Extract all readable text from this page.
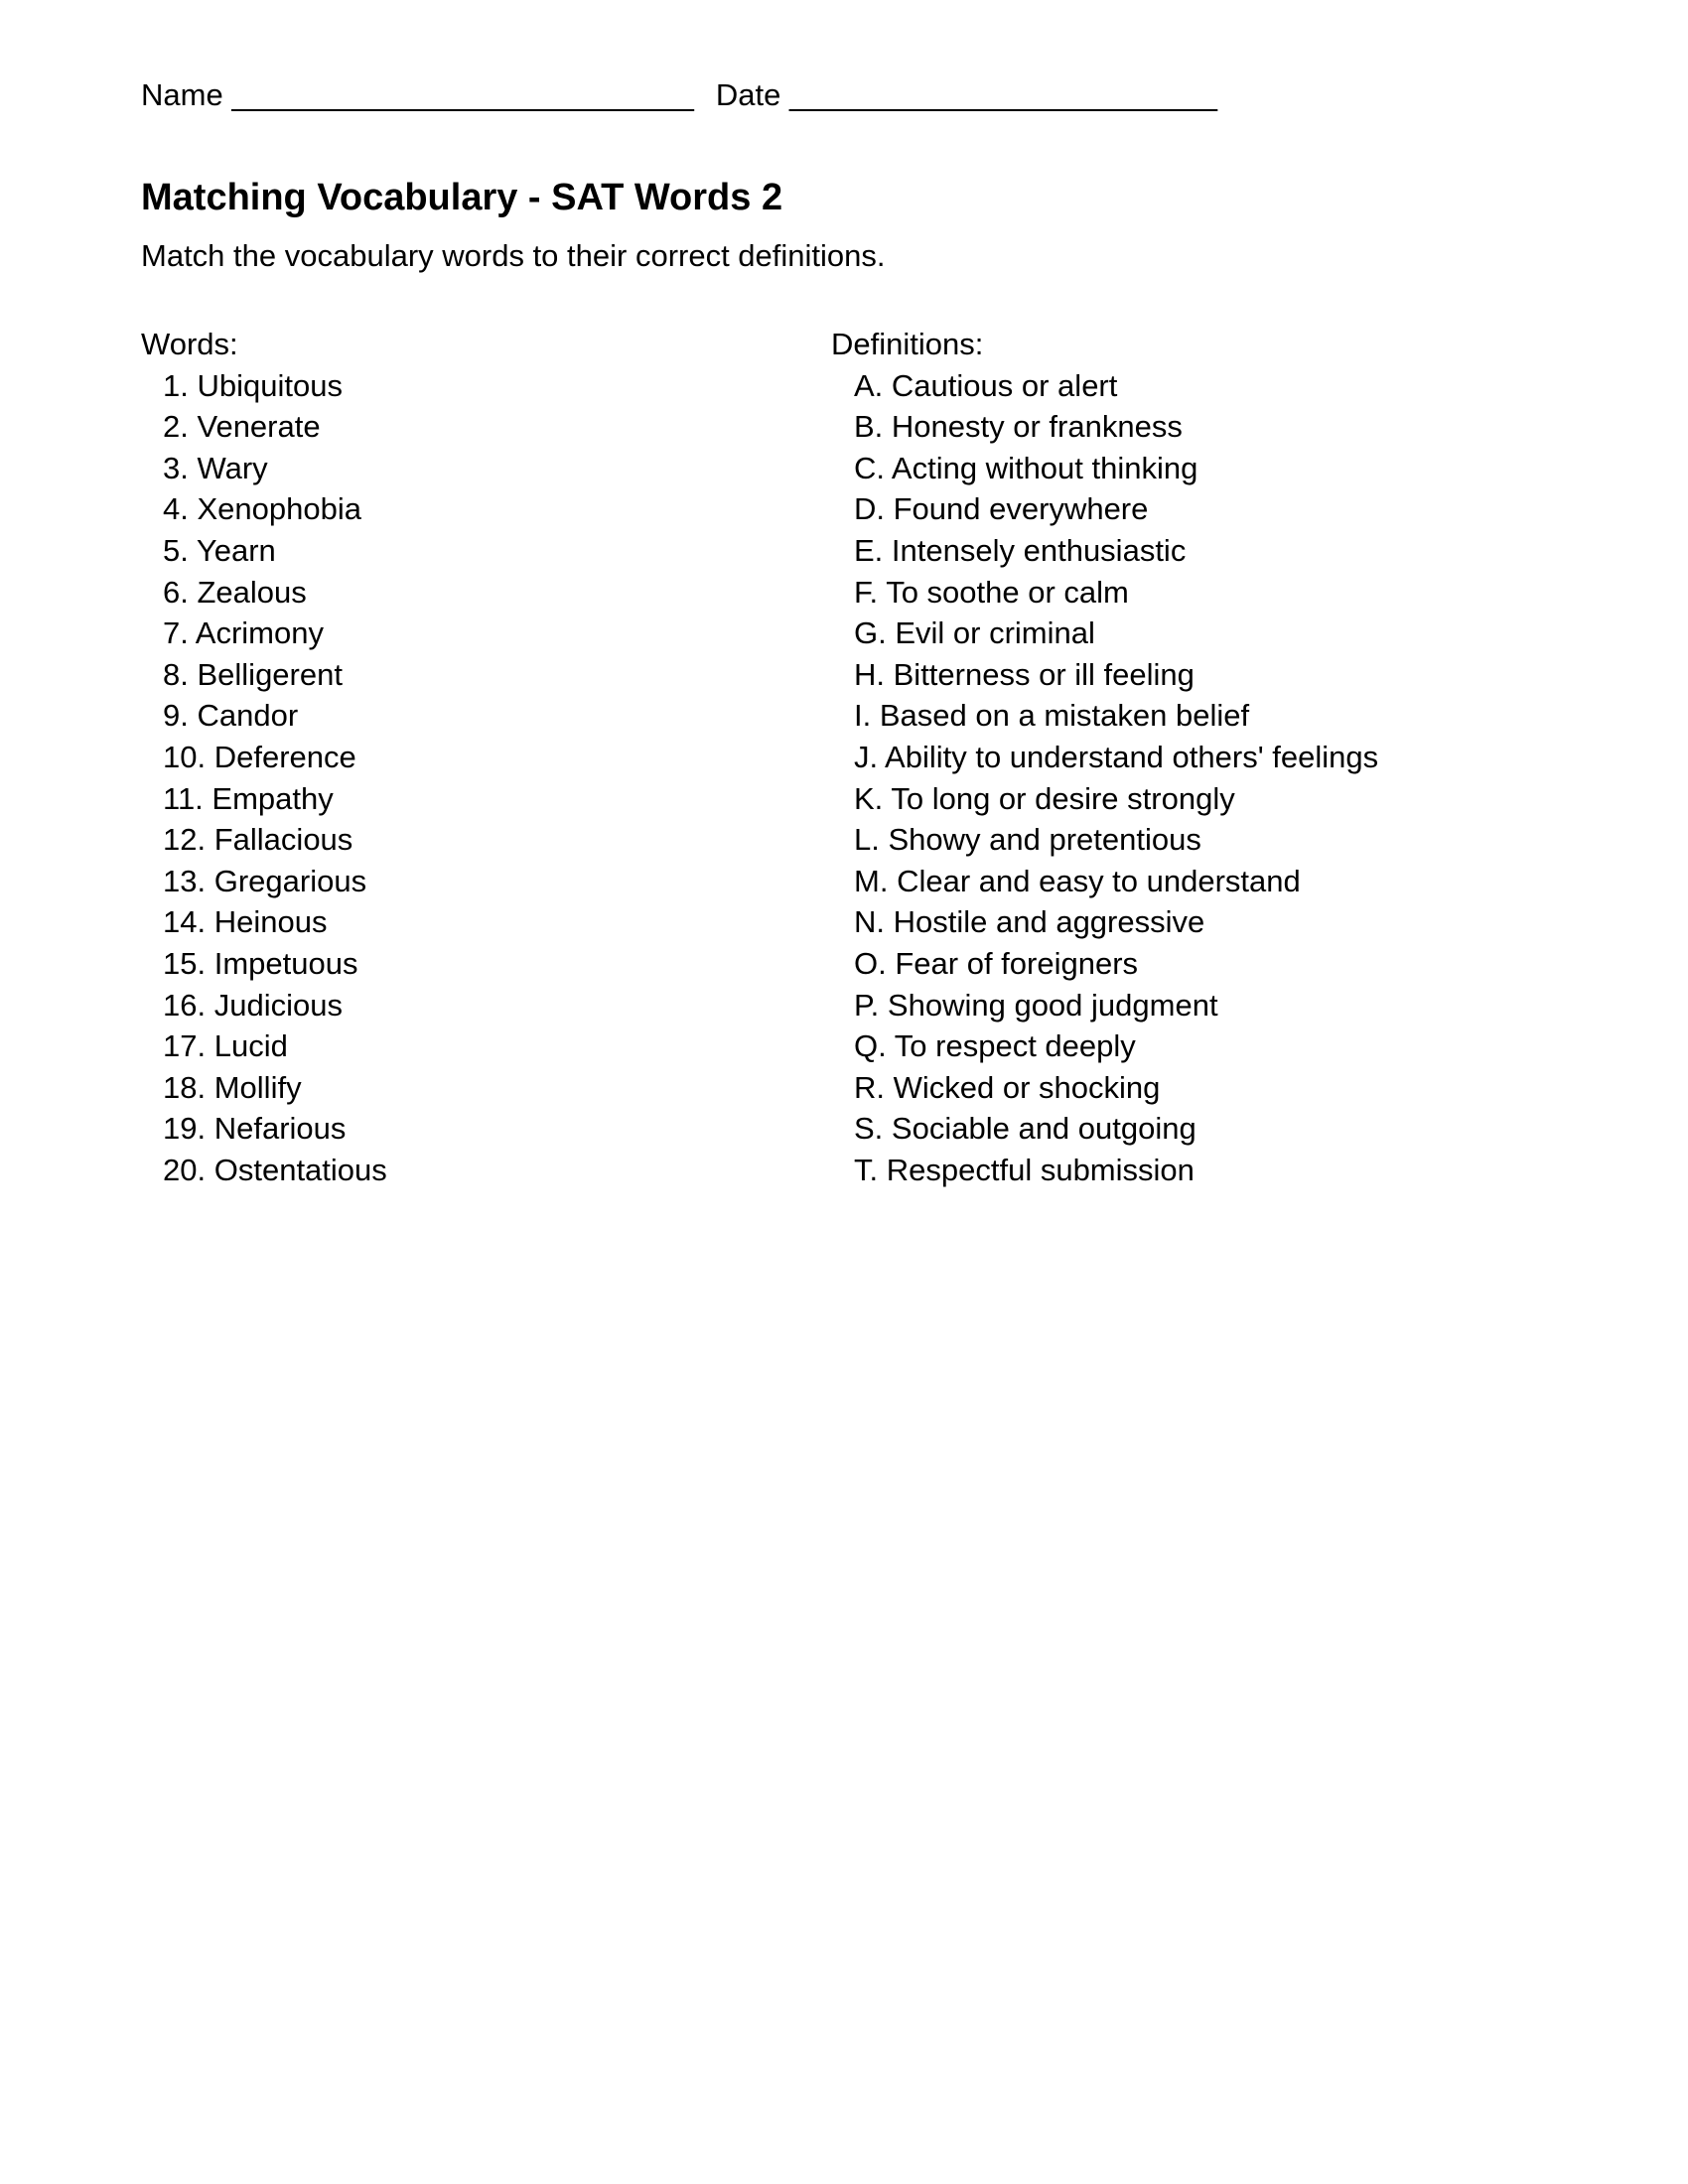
Name ___________________________ Date _________________________
Matching Vocabulary - SAT Words 2
Match the vocabulary words to their correct definitions.
Words:
1. Ubiquitous
2. Venerate
3. Wary
4. Xenophobia
5. Yearn
6. Zealous
7. Acrimony
8. Belligerent
9. Candor
10. Deference
11. Empathy
12. Fallacious
13. Gregarious
14. Heinous
15. Impetuous
16. Judicious
17. Lucid
18. Mollify
19. Nefarious
20. Ostentatious
Definitions:
A. Cautious or alert
B. Honesty or frankness
C. Acting without thinking
D. Found everywhere
E. Intensely enthusiastic
F. To soothe or calm
G. Evil or criminal
H. Bitterness or ill feeling
I. Based on a mistaken belief
J. Ability to understand others' feelings
K. To long or desire strongly
L. Showy and pretentious
M. Clear and easy to understand
N. Hostile and aggressive
O. Fear of foreigners
P. Showing good judgment
Q. To respect deeply
R. Wicked or shocking
S. Sociable and outgoing
T. Respectful submission
